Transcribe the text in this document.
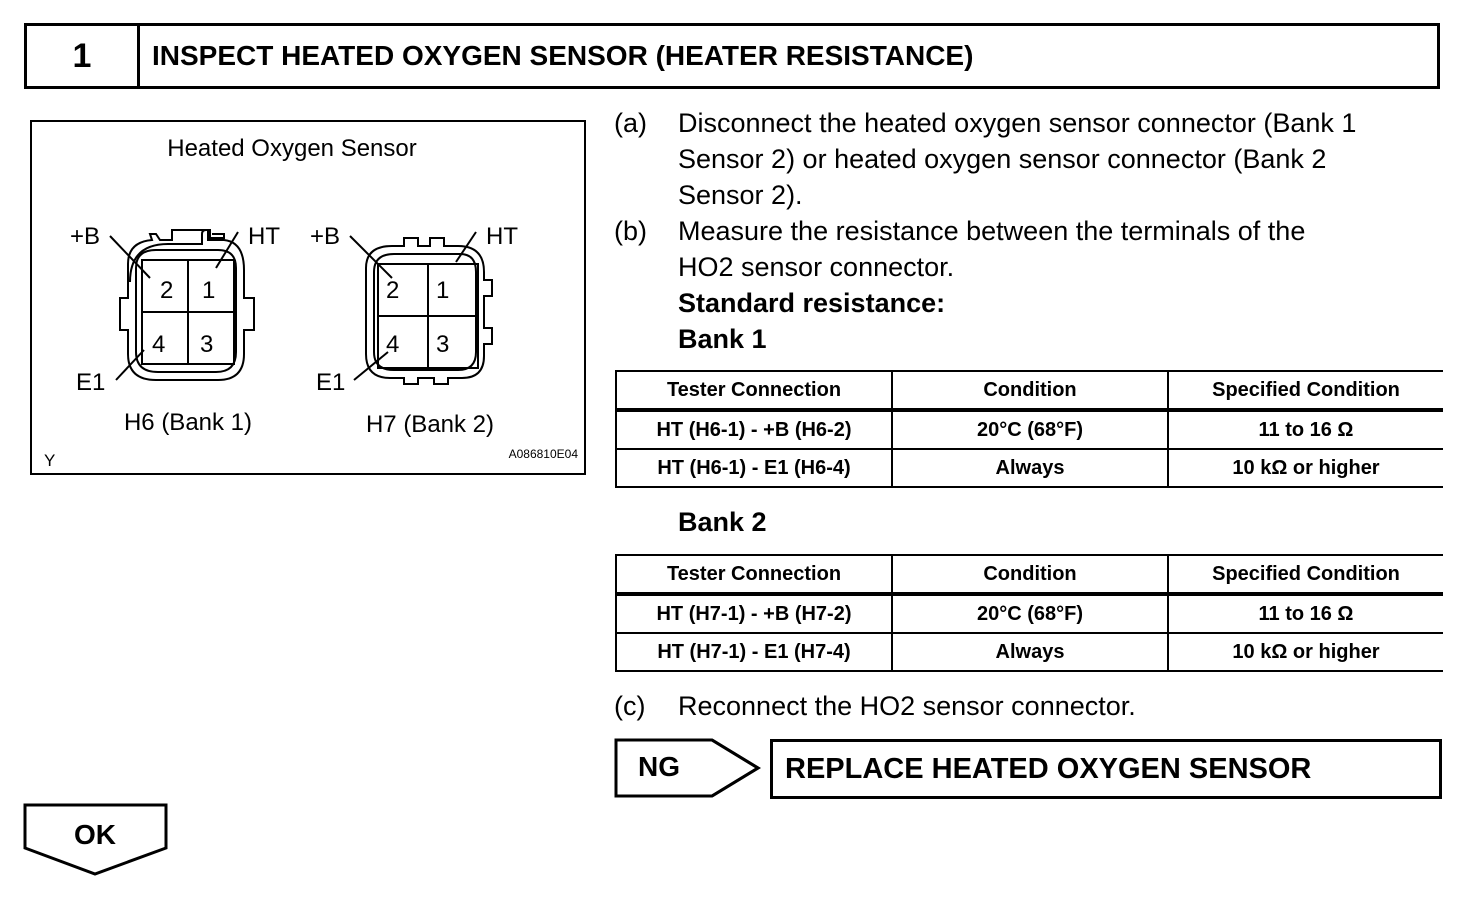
1	INSPECT HEATED OXYGEN SENSOR (HEATER RESISTANCE)
Heated Oxygen Sensor
+B	HT
E1
2 1
4 3
H6 (Bank 1)
+B	HT
E1
2 1
4 3
H7 (Bank 2)
Y	A086810E04
(a)	Disconnect the heated oxygen sensor connector (Bank 1
Sensor 2) or heated oxygen sensor connector (Bank 2
Sensor 2).
(b)	Measure the resistance between the terminals of the
HO2 sensor connector.
Standard resistance:
Bank 1
Tester Connection	Condition	Specified Condition
HT (H6-1) - +B (H6-2)	20°C (68°F)	11 to 16 Ω
HT (H6-1) - E1 (H6-4)	Always	10 kΩ or higher
Bank 2
Tester Connection	Condition	Specified Condition
HT (H7-1) - +B (H7-2)	20°C (68°F)	11 to 16 Ω
HT (H7-1) - E1 (H7-4)	Always	10 kΩ or higher
(c)	Reconnect the HO2 sensor connector.
NG	REPLACE HEATED OXYGEN SENSOR
OK
